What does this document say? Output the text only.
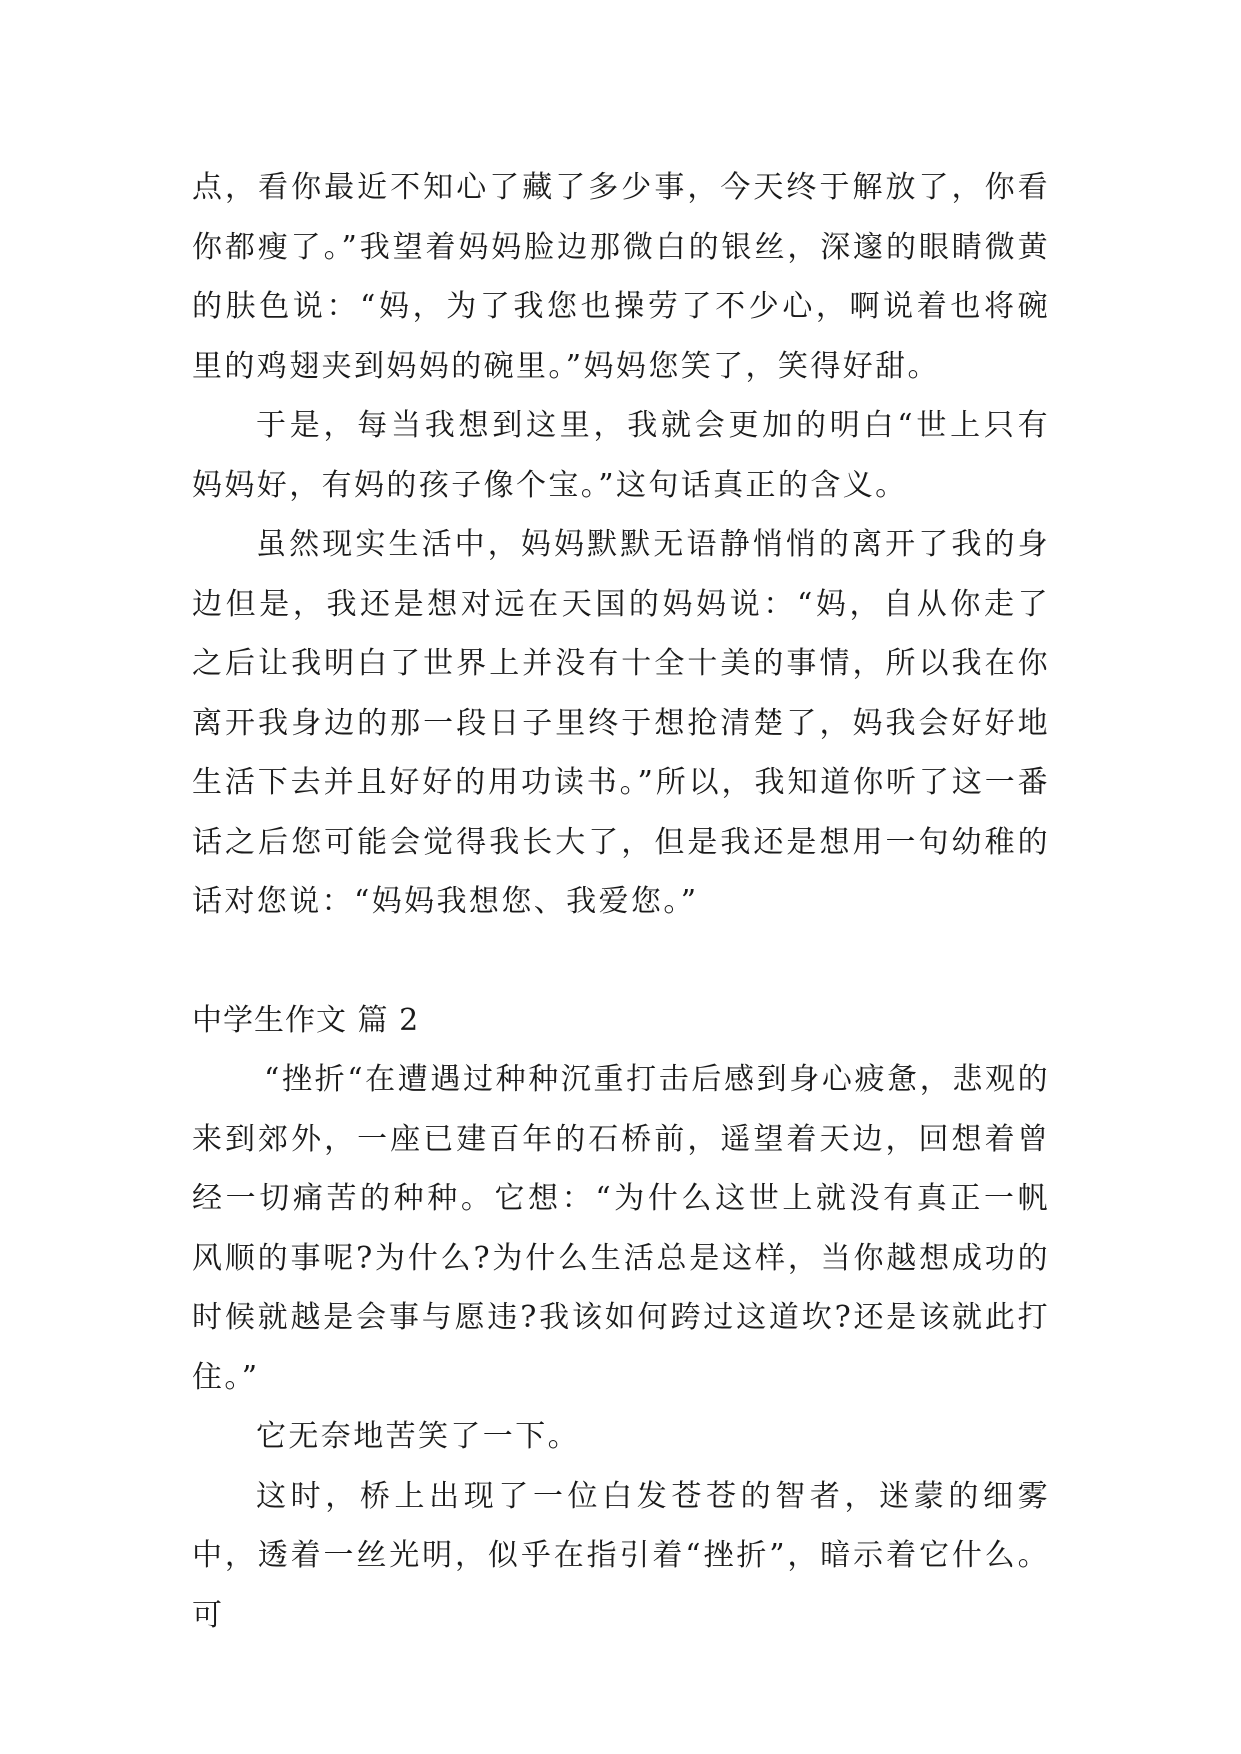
点，看你最近不知心了藏了多少事，今天终于解放了，你看你都瘦了。”我望着妈妈脸边那微白的银丝，深邃的眼睛微黄的肤色说：“妈，为了我您也操劳了不少心，啊说着也将碗里的鸡翅夹到妈妈的碗里。”妈妈您笑了，笑得好甜。

于是，每当我想到这里，我就会更加的明白“世上只有妈妈好，有妈的孩子像个宝。”这句话真正的含义。

虽然现实生活中，妈妈默默无语静悄悄的离开了我的身边但是，我还是想对远在天国的妈妈说：“妈，自从你走了之后让我明白了世界上并没有十全十美的事情，所以我在你离开我身边的那一段日子里终于想抢清楚了，妈我会好好地生活下去并且好好的用功读书。”所以，我知道你听了这一番话之后您可能会觉得我长大了，但是我还是想用一句幼稚的话对您说：“妈妈我想您、我爱您。”

中学生作文 篇 2

“挫折“在遭遇过种种沉重打击后感到身心疲惫，悲观的来到郊外，一座已建百年的石桥前，遥望着天边，回想着曾经一切痛苦的种种。它想：“为什么这世上就没有真正一帆风顺的事呢?为什么?为什么生活总是这样，当你越想成功的时候就越是会事与愿违?我该如何跨过这道坎?还是该就此打住。”

它无奈地苦笑了一下。

这时，桥上出现了一位白发苍苍的智者，迷蒙的细雾中，透着一丝光明，似乎在指引着“挫折”，暗示着它什么。可
